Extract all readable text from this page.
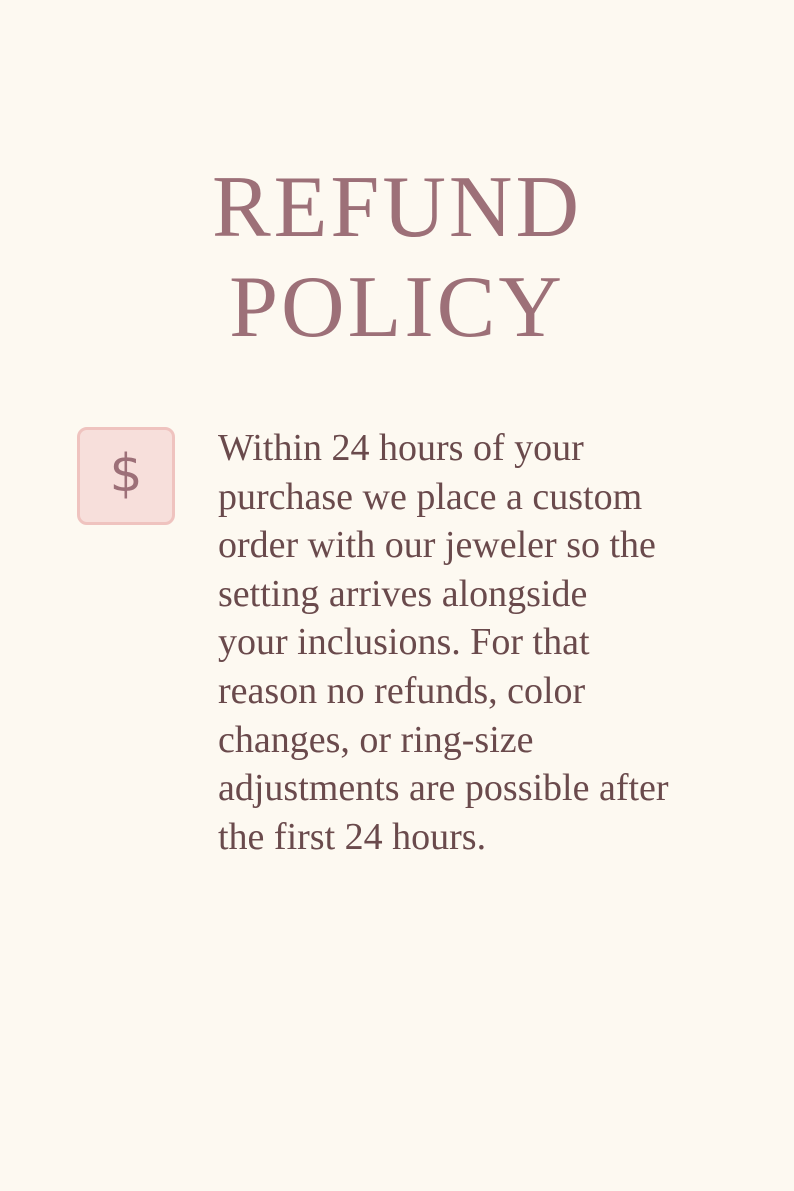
REFUND
POLICY
$	Within 24 hours of your
purchase we place a custom
order with our jeweler so the
setting arrives alongside
your inclusions. For that
reason no refunds, color
changes, or ring-size
adjustments are possible after
the first 24 hours.
